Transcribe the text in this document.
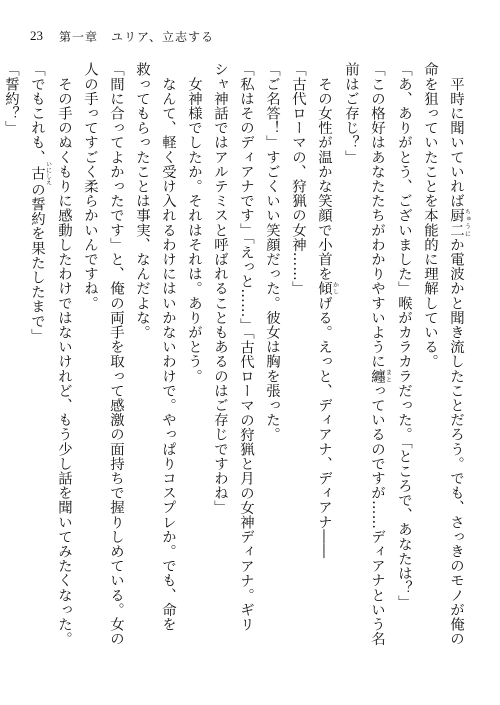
23 第一章　ユリア、立志する
　平時に聞いていれば厨二 ちゅうにか電波かと聞き流したことだろう。でも、さっきのモノが俺の
命を狙っていたことを本能的に理解している。
「あ、ありがとう、ございました」喉がカラカラだった。「ところで、あなたは？」
「この格好はあなたたちがわかりやすいように纏 まとっているのですが……ディアナという名
前はご存じ？」
　その女性が温かな笑顔で小首を傾 かしげる。えっと、ディアナ、ディアナ――
「古代ローマの、狩猟の女神……」
「ご名答！」すごくいい笑顔だった。彼女は胸を張った。
「私はそのディアナです」「えっと……」「古代ローマの狩猟と月の女神ディアナ。ギリ
シャ神話ではアルテミスと呼ばれることもあるのはご存じですわね」
　女神様でしたか。それはそれは。ありがとう。
　なんて、軽く受け入れるわけにはいかないわけで。やっぱりコスプレか。でも、命を
救ってもらったことは事実、なんだよな。
「間に合ってよかったです」と、俺の両手を取って感激の面持ちで握りしめている。女の
人の手ってすごく柔らかいんですね。
　その手のぬくもりに感動したわけではないけれど、もう少し話を聞いてみたくなった。
「でもこれも、古 いにしえの誓約を果たしたまで」
「誓約？」
